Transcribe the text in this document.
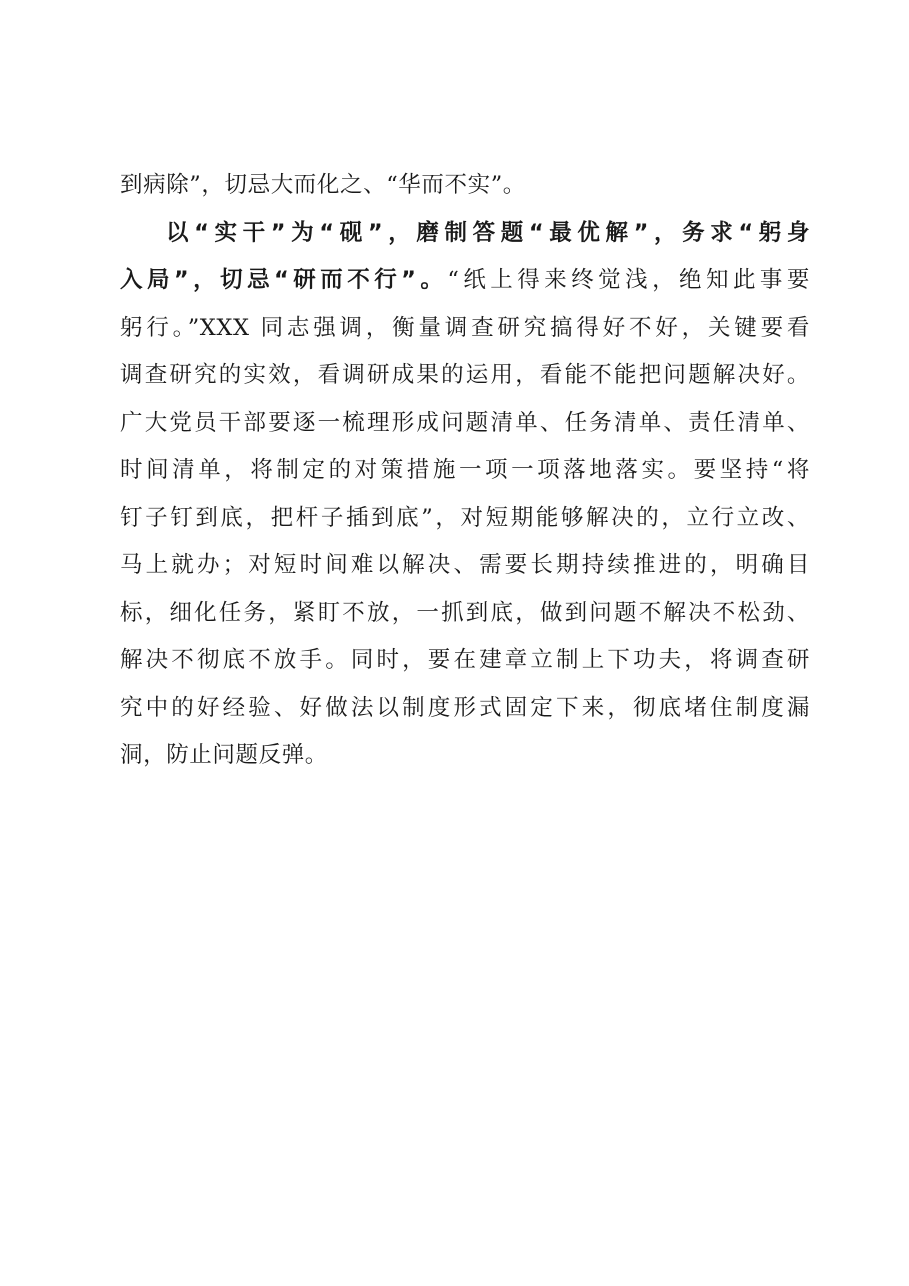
到病除”，切忌大而化之、“华而不实”。
以“实干”为“砚”，磨制答题“最优解”，务求“躬身
入局”，切忌“研而不行”。“纸上得来终觉浅，绝知此事要
躬行。”XXX 同志强调，衡量调查研究搞得好不好，关键要看
调查研究的实效，看调研成果的运用，看能不能把问题解决好。
广大党员干部要逐一梳理形成问题清单、任务清单、责任清单、
时间清单，将制定的对策措施一项一项落地落实。要坚持“将
钉子钉到底，把杆子插到底”，对短期能够解决的，立行立改、
马上就办；对短时间难以解决、需要长期持续推进的，明确目
标，细化任务，紧盯不放，一抓到底，做到问题不解决不松劲、
解决不彻底不放手。同时，要在建章立制上下功夫，将调查研
究中的好经验、好做法以制度形式固定下来，彻底堵住制度漏
洞，防止问题反弹。
